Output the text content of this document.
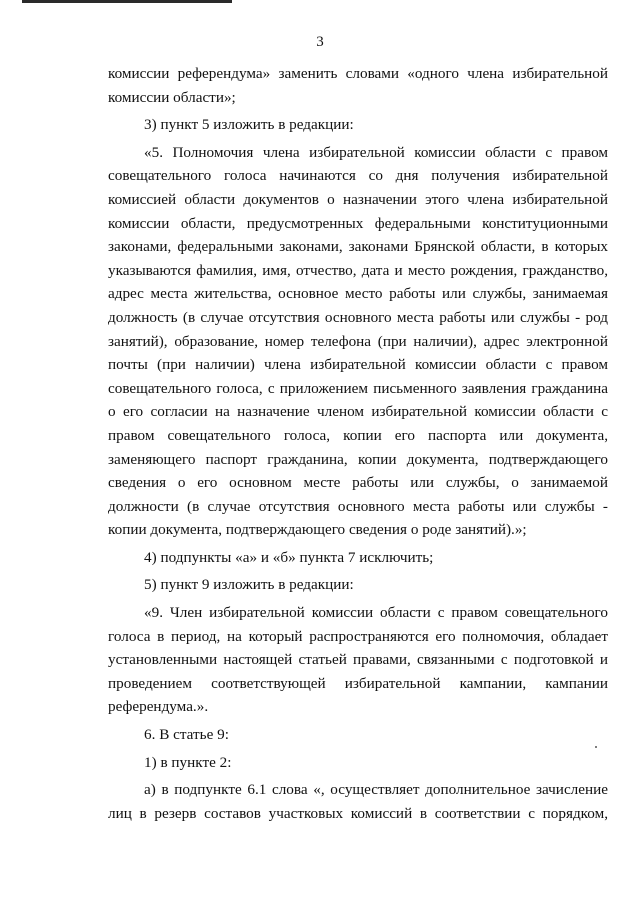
3

комиссии референдума» заменить словами «одного члена избирательной комиссии области»;

3) пункт 5 изложить в редакции:

«5. Полномочия члена избирательной комиссии области с правом совещательного голоса начинаются со дня получения избирательной комиссией области документов о назначении этого члена избирательной комиссии области, предусмотренных федеральными конституционными законами, федеральными законами, законами Брянской области, в которых указываются фамилия, имя, отчество, дата и место рождения, гражданство, адрес места жительства, основное место работы или службы, занимаемая должность (в случае отсутствия основного места работы или службы - род занятий), образование, номер телефона (при наличии), адрес электронной почты (при наличии) члена избирательной комиссии области с правом совещательного голоса, с приложением письменного заявления гражданина о его согласии на назначение членом избирательной комиссии области с правом совещательного голоса, копии его паспорта или документа, заменяющего паспорт гражданина, копии документа, подтверждающего сведения о его основном месте работы или службы, о занимаемой должности (в случае отсутствия основного места работы или службы - копии документа, подтверждающего сведения о роде занятий).»;

4) подпункты «а» и «б» пункта 7 исключить;

5) пункт 9 изложить в редакции:

«9. Член избирательной комиссии области с правом совещательного голоса в период, на который распространяются его полномочия, обладает установленными настоящей статьей правами, связанными с подготовкой и проведением соответствующей избирательной кампании, кампании референдума.».

6. В статье 9:

1) в пункте 2:

а) в подпункте 6.1 слова «, осуществляет дополнительное зачисление лиц в резерв составов участковых комиссий в соответствии с порядком,
